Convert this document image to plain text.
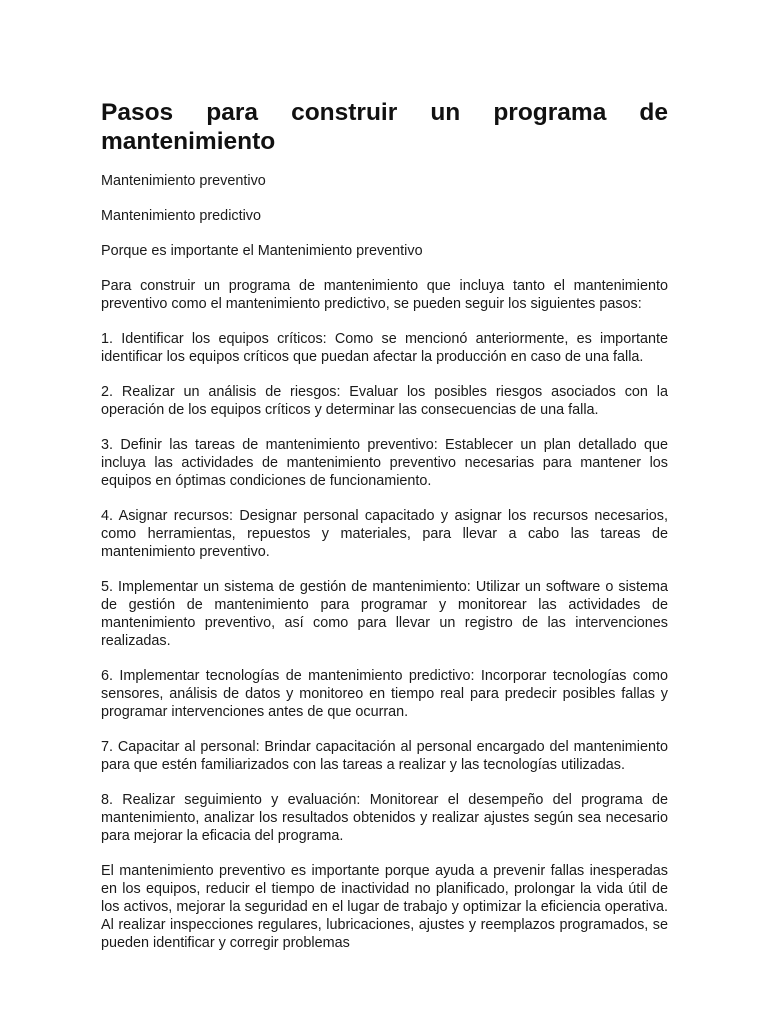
Pasos para construir un programa de mantenimiento

Mantenimiento preventivo

Mantenimiento predictivo

Porque es importante el Mantenimiento preventivo

Para construir un programa de mantenimiento que incluya tanto el mantenimiento preventivo como el mantenimiento predictivo, se pueden seguir los siguientes pasos:

1. Identificar los equipos críticos: Como se mencionó anteriormente, es importante identificar los equipos críticos que puedan afectar la producción en caso de una falla.

2. Realizar un análisis de riesgos: Evaluar los posibles riesgos asociados con la operación de los equipos críticos y determinar las consecuencias de una falla.

3. Definir las tareas de mantenimiento preventivo: Establecer un plan detallado que incluya las actividades de mantenimiento preventivo necesarias para mantener los equipos en óptimas condiciones de funcionamiento.

4. Asignar recursos: Designar personal capacitado y asignar los recursos necesarios, como herramientas, repuestos y materiales, para llevar a cabo las tareas de mantenimiento preventivo.

5. Implementar un sistema de gestión de mantenimiento: Utilizar un software o sistema de gestión de mantenimiento para programar y monitorear las actividades de mantenimiento preventivo, así como para llevar un registro de las intervenciones realizadas.

6. Implementar tecnologías de mantenimiento predictivo: Incorporar tecnologías como sensores, análisis de datos y monitoreo en tiempo real para predecir posibles fallas y programar intervenciones antes de que ocurran.

7. Capacitar al personal: Brindar capacitación al personal encargado del mantenimiento para que estén familiarizados con las tareas a realizar y las tecnologías utilizadas.

8. Realizar seguimiento y evaluación: Monitorear el desempeño del programa de mantenimiento, analizar los resultados obtenidos y realizar ajustes según sea necesario para mejorar la eficacia del programa.

El mantenimiento preventivo es importante porque ayuda a prevenir fallas inesperadas en los equipos, reducir el tiempo de inactividad no planificado, prolongar la vida útil de los activos, mejorar la seguridad en el lugar de trabajo y optimizar la eficiencia operativa. Al realizar inspecciones regulares, lubricaciones, ajustes y reemplazos programados, se pueden identificar y corregir problemas
